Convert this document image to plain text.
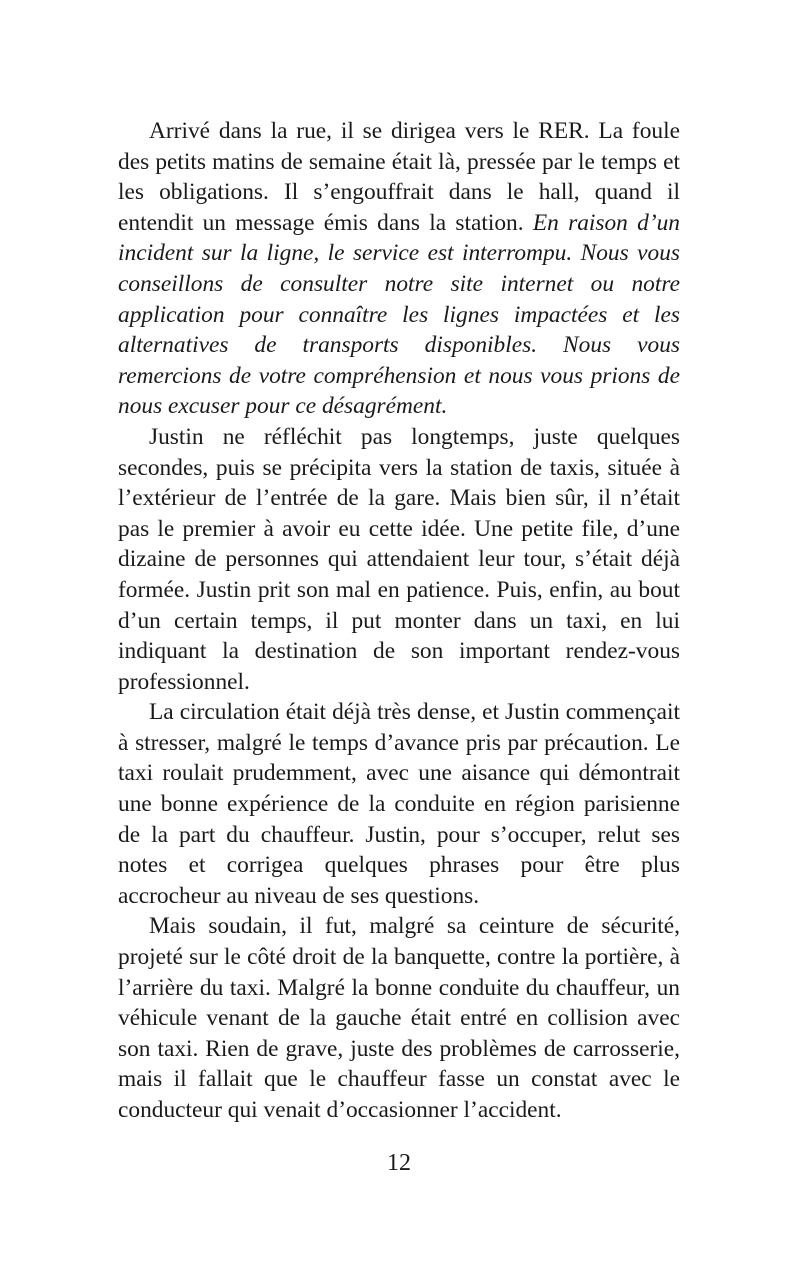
Arrivé dans la rue, il se dirigea vers le RER. La foule des petits matins de semaine était là, pressée par le temps et les obligations. Il s’engouffrait dans le hall, quand il entendit un message émis dans la station. En raison d’un incident sur la ligne, le service est interrompu. Nous vous conseillons de consulter notre site internet ou notre application pour connaître les lignes impactées et les alternatives de transports disponibles. Nous vous remercions de votre compréhension et nous vous prions de nous excuser pour ce désagrément.

Justin ne réfléchit pas longtemps, juste quelques secondes, puis se précipita vers la station de taxis, située à l’extérieur de l’entrée de la gare. Mais bien sûr, il n’était pas le premier à avoir eu cette idée. Une petite file, d’une dizaine de personnes qui attendaient leur tour, s’était déjà formée. Justin prit son mal en patience. Puis, enfin, au bout d’un certain temps, il put monter dans un taxi, en lui indiquant la destination de son important rendez-vous professionnel.

La circulation était déjà très dense, et Justin commençait à stresser, malgré le temps d’avance pris par précaution. Le taxi roulait prudemment, avec une aisance qui démontrait une bonne expérience de la conduite en région parisienne de la part du chauffeur. Justin, pour s’occuper, relut ses notes et corrigea quelques phrases pour être plus accrocheur au niveau de ses questions.

Mais soudain, il fut, malgré sa ceinture de sécurité, projeté sur le côté droit de la banquette, contre la portière, à l’arrière du taxi. Malgré la bonne conduite du chauffeur, un véhicule venant de la gauche était entré en collision avec son taxi. Rien de grave, juste des problèmes de carrosserie, mais il fallait que le chauffeur fasse un constat avec le conducteur qui venait d’occasionner l’accident.

12
